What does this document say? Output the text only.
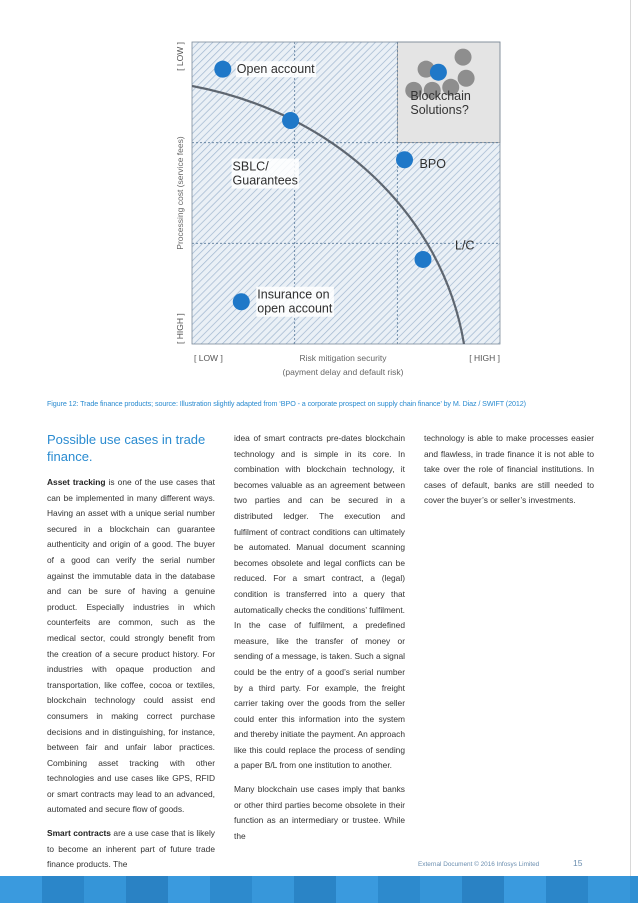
Open account
SBLC/ Guarantees
BPO
L/C
Insurance on open account
Blockchain Solutions?
[ LOW ]	[ HIGH ]
Risk mitigation security
(payment delay and default risk)
Processing cost (service fees)
[ LOW ]
[ HIGH ]
Figure 12: Trade finance products; source: Illustration slightly adapted from ‘BPO - a corporate prospect on supply chain finance’ by M. Diaz / SWIFT (2012)
Possible use cases in trade finance.

Asset tracking is one of the use cases that can be implemented in many different ways. Having an asset with a unique serial number secured in a blockchain can guarantee authenticity and origin of a good. The buyer of a good can verify the serial number against the immutable data in the database and can be sure of having a genuine product. Especially industries in which counterfeits are common, such as the medical sector, could strongly benefit from the creation of a secure product history. For industries with opaque production and transportation, like coffee, cocoa or textiles, blockchain technology could assist end consumers in making correct purchase decisions and in distinguishing, for instance, between fair and unfair labor practices. Combining asset tracking with other technologies and use cases like GPS, RFID or smart contracts may lead to an advanced, automated and secure flow of goods.

Smart contracts are a use case that is likely to become an inherent part of future trade finance products. The

idea of smart contracts pre-dates blockchain technology and is simple in its core. In combination with blockchain technology, it becomes valuable as an agreement between two parties and can be secured in a distributed ledger. The execution and fulfilment of contract conditions can ultimately be automated. Manual document scanning becomes obsolete and legal conflicts can be reduced. For a smart contract, a (legal) condition is transferred into a query that automatically checks the conditions’ fulfilment. In the case of fulfilment, a predefined measure, like the transfer of money or sending of a message, is taken. Such a signal could be the entry of a good’s serial number by a third party. For example, the freight carrier taking over the goods from the seller could enter this information into the system and thereby initiate the payment. An approach like this could replace the process of sending a paper B/L from one institution to another.

Many blockchain use cases imply that banks or other third parties become obsolete in their function as an intermediary or trustee. While the

technology is able to make processes easier and flawless, in trade finance it is not able to take over the role of financial institutions. In cases of default, banks are still needed to cover the buyer’s or seller’s investments.

External Document © 2016 Infosys Limited	15
